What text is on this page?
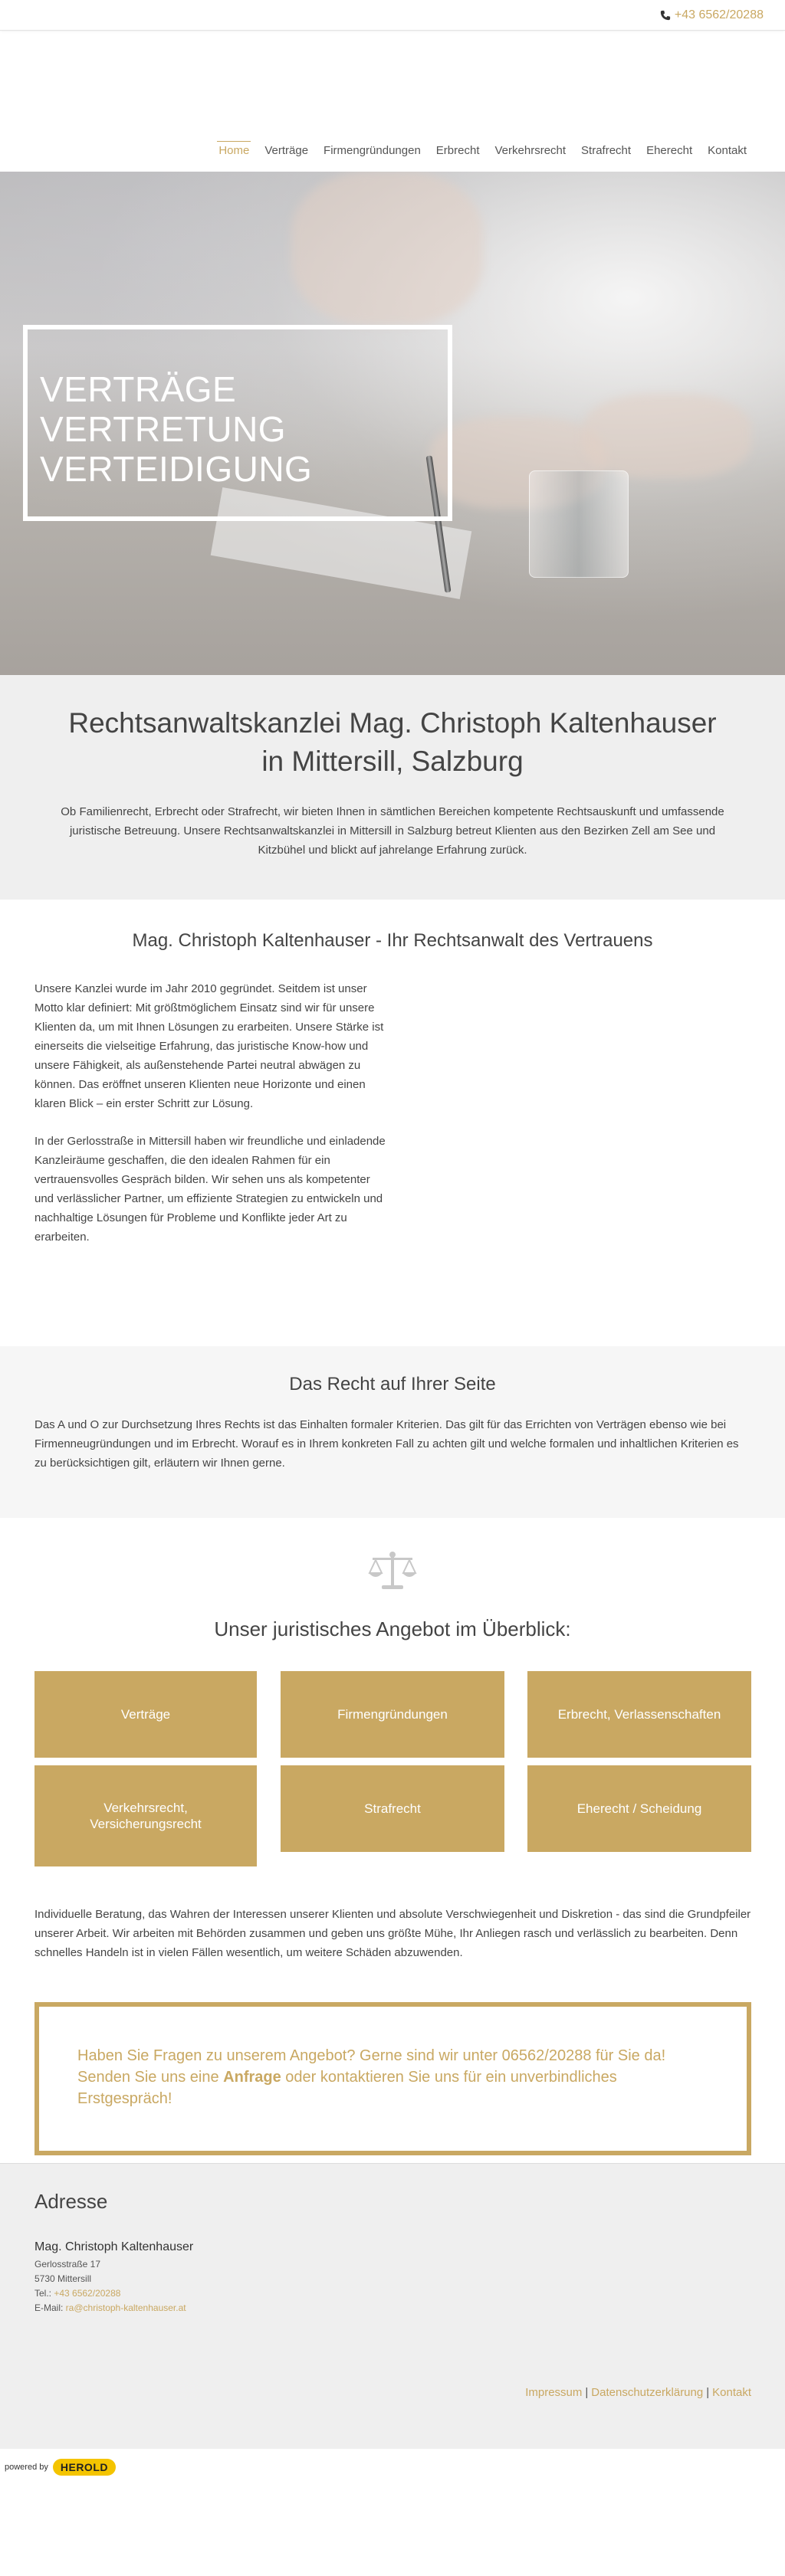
+43 6562/20288
Home	Verträge	Firmengründungen	Erbrecht	Verkehrsrecht	Strafrecht	Eherecht	Kontakt
VERTRÄGE
VERTRETUNG
VERTEIDIGUNG
Rechtsanwaltskanzlei Mag. Christoph Kaltenhauser
in Mittersill, Salzburg

Ob Familienrecht, Erbrecht oder Strafrecht, wir bieten Ihnen in sämtlichen Bereichen kompetente Rechtsauskunft und umfassende juristische Betreuung. Unsere Rechtsanwaltskanzlei in Mittersill in Salzburg betreut Klienten aus den Bezirken Zell am See und Kitzbühel und blickt auf jahrelange Erfahrung zurück.

Mag. Christoph Kaltenhauser - Ihr Rechtsanwalt des Vertrauens

Unsere Kanzlei wurde im Jahr 2010 gegründet. Seitdem ist unser Motto klar definiert: Mit größtmöglichem Einsatz sind wir für unsere Klienten da, um mit Ihnen Lösungen zu erarbeiten. Unsere Stärke ist einerseits die vielseitige Erfahrung, das juristische Know-how und unsere Fähigkeit, als außenstehende Partei neutral abwägen zu können. Das eröffnet unseren Klienten neue Horizonte und einen klaren Blick – ein erster Schritt zur Lösung.

In der Gerlosstraße in Mittersill haben wir freundliche und einladende Kanzleiräume geschaffen, die den idealen Rahmen für ein vertrauensvolles Gespräch bilden. Wir sehen uns als kompetenter und verlässlicher Partner, um effiziente Strategien zu entwickeln und nachhaltige Lösungen für Probleme und Konflikte jeder Art zu erarbeiten.

Das Recht auf Ihrer Seite

Das A und O zur Durchsetzung Ihres Rechts ist das Einhalten formaler Kriterien. Das gilt für das Errichten von Verträgen ebenso wie bei Firmenneugründungen und im Erbrecht. Worauf es in Ihrem konkreten Fall zu achten gilt und welche formalen und inhaltlichen Kriterien es zu berücksichtigen gilt, erläutern wir Ihnen gerne.

Unser juristisches Angebot im Überblick:
Verträge	Firmengründungen	Erbrecht, Verlassenschaften
Verkehrsrecht, Versicherungsrecht
Strafrecht	Eherecht / Scheidung

Individuelle Beratung, das Wahren der Interessen unserer Klienten und absolute Verschwiegenheit und Diskretion - das sind die Grundpfeiler unserer Arbeit. Wir arbeiten mit Behörden zusammen und geben uns größte Mühe, Ihr Anliegen rasch und verlässlich zu bearbeiten. Denn schnelles Handeln ist in vielen Fällen wesentlich, um weitere Schäden abzuwenden.

Haben Sie Fragen zu unserem Angebot? Gerne sind wir unter 06562/20288 für Sie da! Senden Sie uns eine Anfrage oder kontaktieren Sie uns für ein unverbindliches Erstgespräch!
Adresse
Mag. Christoph Kaltenhauser
Gerlosstraße 17
5730 Mittersill
Tel.: +43 6562/20288
E-Mail: ra@christoph-kaltenhauser.at
Impressum | Datenschutzerklärung | Kontakt
powered by	HEROLD
